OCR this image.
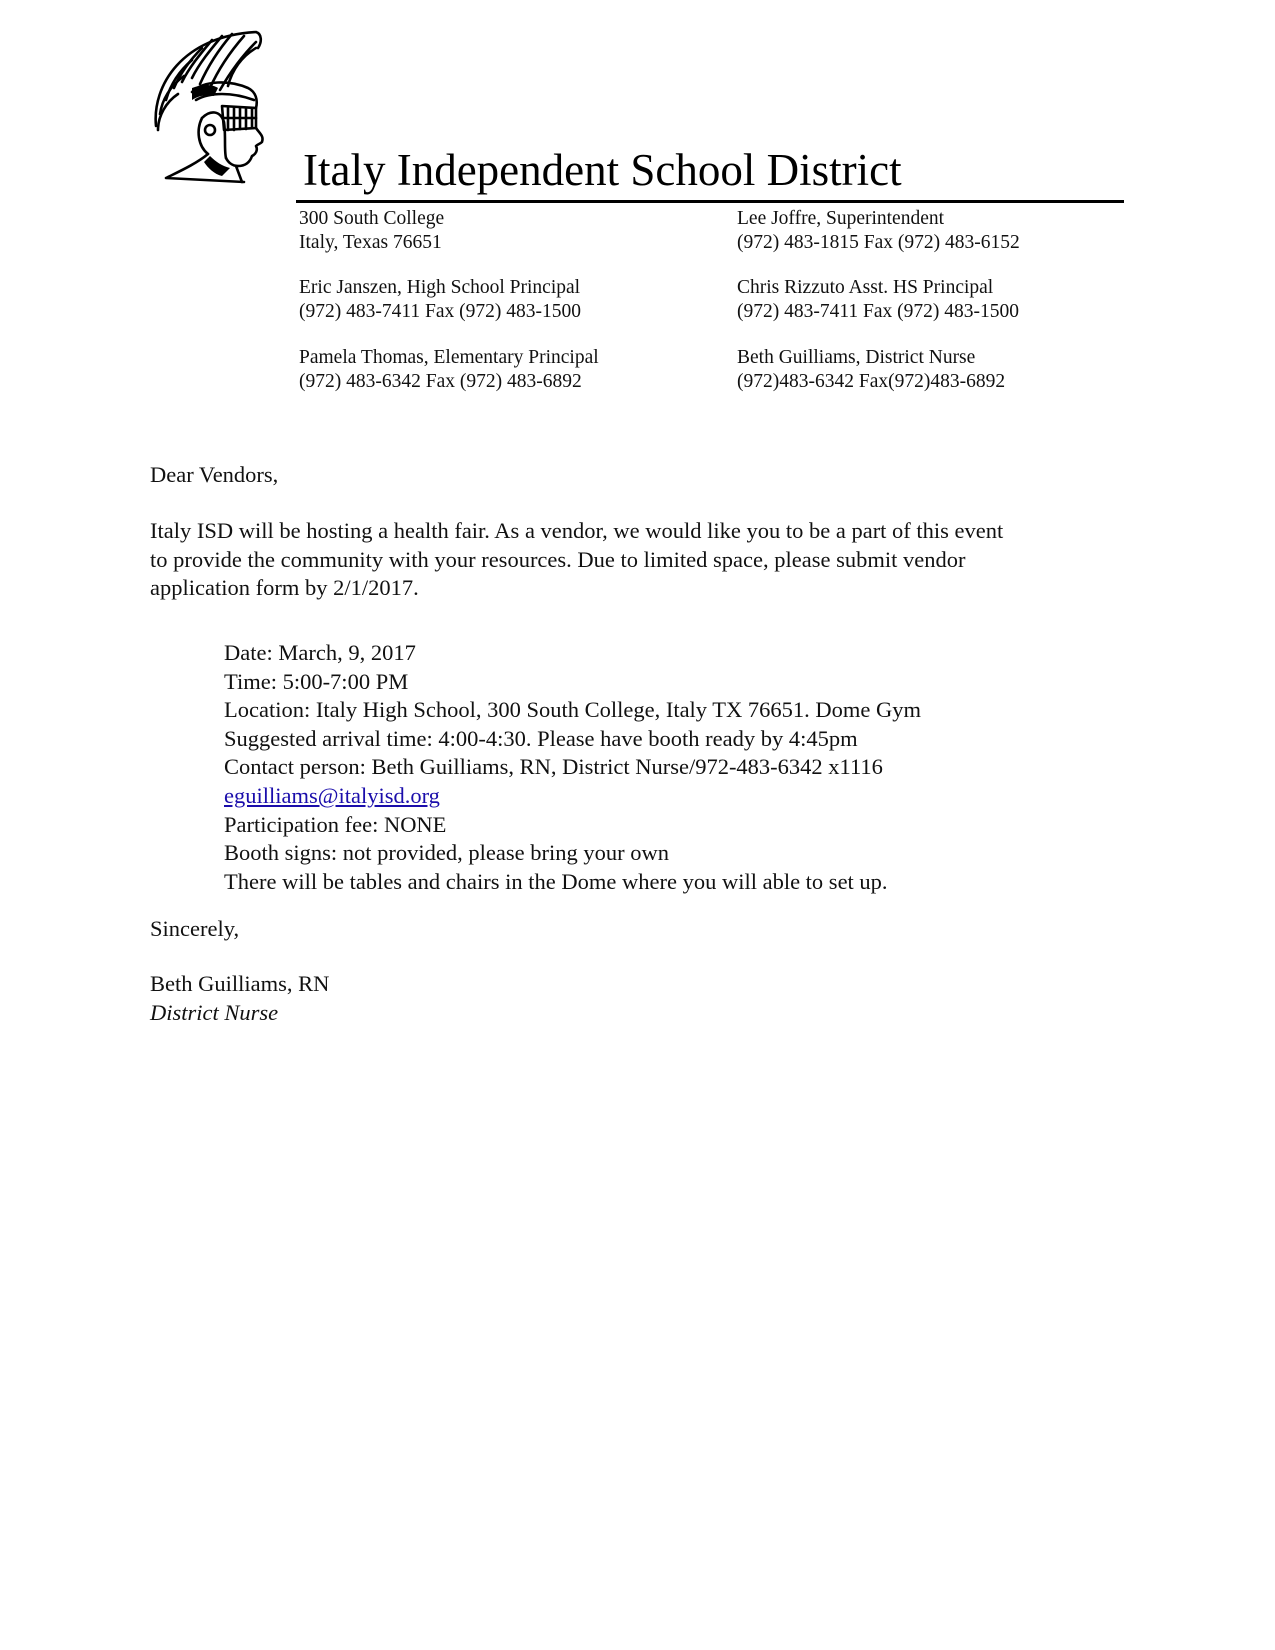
Italy Independent School District
300 South College
Italy, Texas 76651
Lee Joffre, Superintendent
(972) 483-1815 Fax (972) 483-6152
Eric Janszen, High School Principal
(972) 483-7411 Fax (972) 483-1500
Chris Rizzuto Asst. HS Principal
(972) 483-7411 Fax (972) 483-1500
Pamela Thomas, Elementary Principal
(972) 483-6342 Fax (972) 483-6892
Beth Guilliams, District Nurse
(972)483-6342 Fax(972)483-6892
Dear Vendors,
Italy ISD will be hosting a health fair. As a vendor, we would like you to be a part of this event
to provide the community with your resources. Due to limited space, please submit vendor
application form by 2/1/2017.
Date: March, 9, 2017
Time: 5:00-7:00 PM
Location: Italy High School, 300 South College, Italy TX 76651. Dome Gym
Suggested arrival time: 4:00-4:30. Please have booth ready by 4:45pm
Contact person: Beth Guilliams, RN, District Nurse/972-483-6342 x1116
eguilliams@italyisd.org
Participation fee: NONE
Booth signs: not provided, please bring your own
There will be tables and chairs in the Dome where you will able to set up.
Sincerely,
Beth Guilliams, RN
District Nurse
